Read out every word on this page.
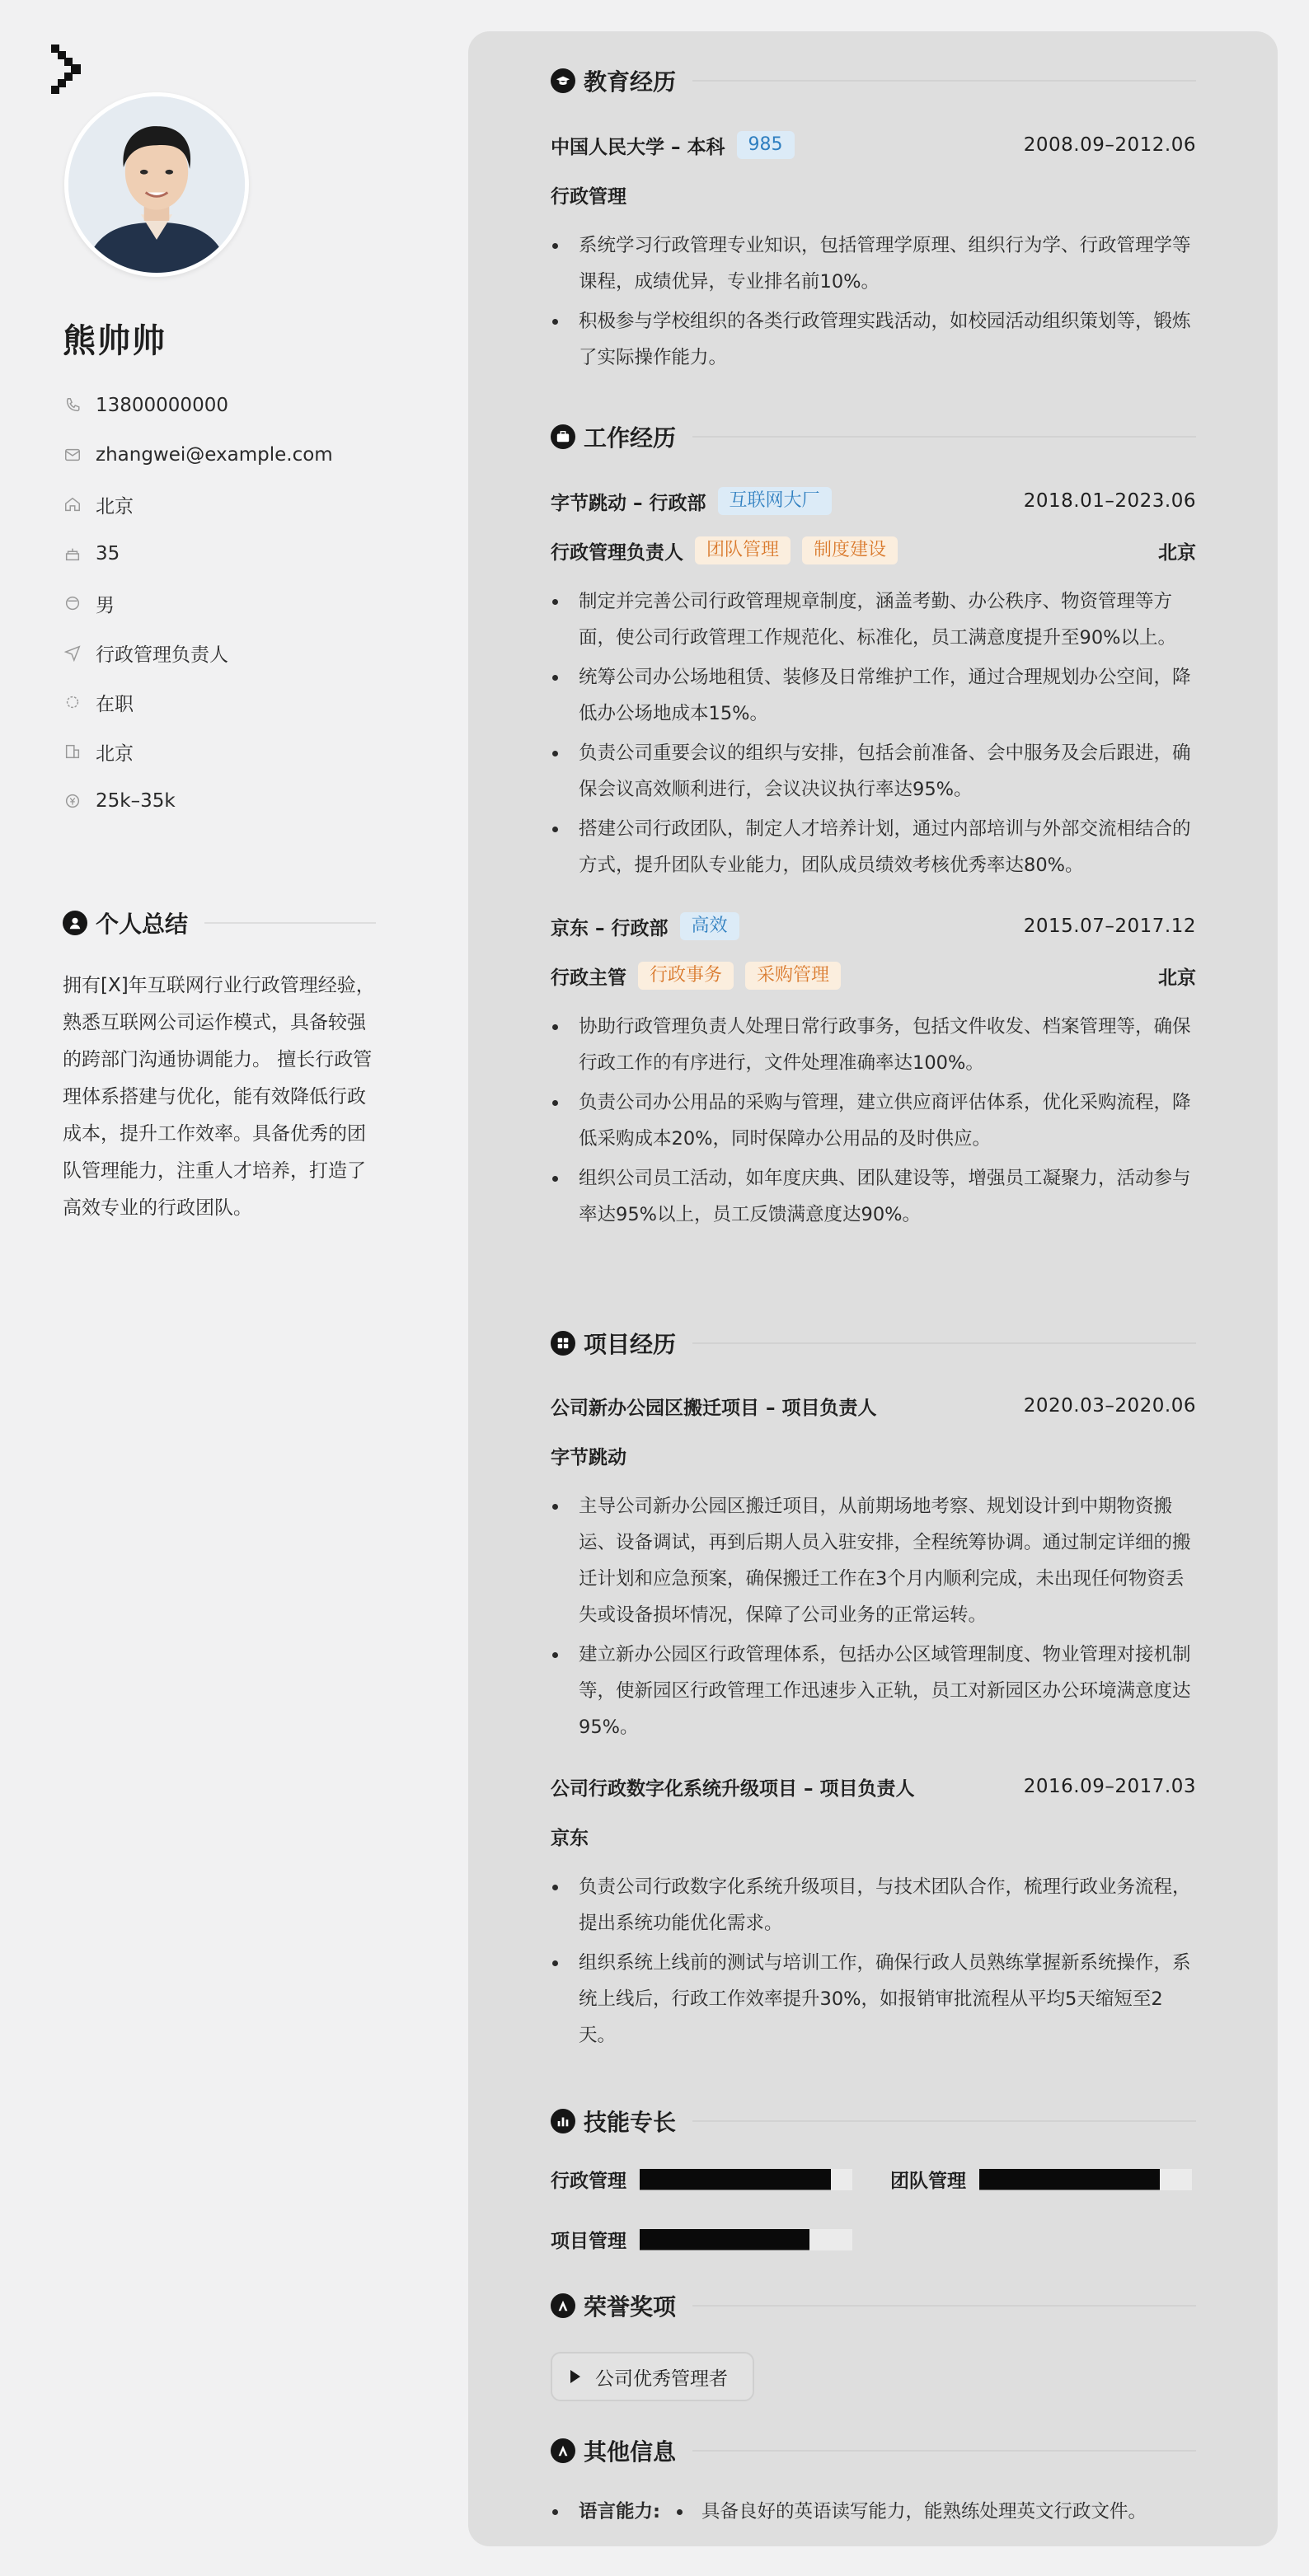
熊帅帅
13800000000
zhangwei@example.com
北京
35
男
行政管理负责人
在职
北京
25k–35k
个人总结
拥有[X]年互联网行业行政管理经验，熟悉互联网公司运作模式，具备较强的跨部门沟通协调能力。 擅长行政管理体系搭建与优化，能有效降低行政成本，提升工作效率。具备优秀的团队管理能力，注重人才培养，打造了高效专业的行政团队。
教育经历
中国人民大学 – 本科	985	2008.09–2012.06
行政管理
系统学习行政管理专业知识，包括管理学原理、组织行为学、行政管理学等课程，成绩优异，专业排名前10%。
积极参与学校组织的各类行政管理实践活动，如校园活动组织策划等，锻炼了实际操作能力。
工作经历
字节跳动 – 行政部	互联网大厂	2018.01–2023.06
行政管理负责人	团队管理	制度建设	北京
制定并完善公司行政管理规章制度，涵盖考勤、办公秩序、物资管理等方面，使公司行政管理工作规范化、标准化，员工满意度提升至90%以上。
统筹公司办公场地租赁、装修及日常维护工作，通过合理规划办公空间，降低办公场地成本15%。
负责公司重要会议的组织与安排，包括会前准备、会中服务及会后跟进，确保会议高效顺利进行，会议决议执行率达95%。
搭建公司行政团队，制定人才培养计划，通过内部培训与外部交流相结合的方式，提升团队专业能力，团队成员绩效考核优秀率达80%。
京东 – 行政部	高效	2015.07–2017.12
行政主管	行政事务	采购管理	北京
协助行政管理负责人处理日常行政事务，包括文件收发、档案管理等，确保行政工作的有序进行，文件处理准确率达100%。
负责公司办公用品的采购与管理，建立供应商评估体系，优化采购流程，降低采购成本20%，同时保障办公用品的及时供应。
组织公司员工活动，如年度庆典、团队建设等，增强员工凝聚力，活动参与率达95%以上，员工反馈满意度达90%。
项目经历
公司新办公园区搬迁项目 – 项目负责人	2020.03–2020.06
字节跳动
主导公司新办公园区搬迁项目，从前期场地考察、规划设计到中期物资搬运、设备调试，再到后期人员入驻安排，全程统筹协调。通过制定详细的搬迁计划和应急预案，确保搬迁工作在3个月内顺利完成，未出现任何物资丢失或设备损坏情况，保障了公司业务的正常运转。
建立新办公园区行政管理体系，包括办公区域管理制度、物业管理对接机制等，使新园区行政管理工作迅速步入正轨，员工对新园区办公环境满意度达95%。
公司行政数字化系统升级项目 – 项目负责人	2016.09–2017.03
京东
负责公司行政数字化系统升级项目，与技术团队合作，梳理行政业务流程，提出系统功能优化需求。
组织系统上线前的测试与培训工作，确保行政人员熟练掌握新系统操作，系统上线后，行政工作效率提升30%，如报销审批流程从平均5天缩短至2天。
技能专长
行政管理	团队管理
项目管理
荣誉奖项
公司优秀管理者
其他信息
语言能力:	具备良好的英语读写能力，能熟练处理英文行政文件。
